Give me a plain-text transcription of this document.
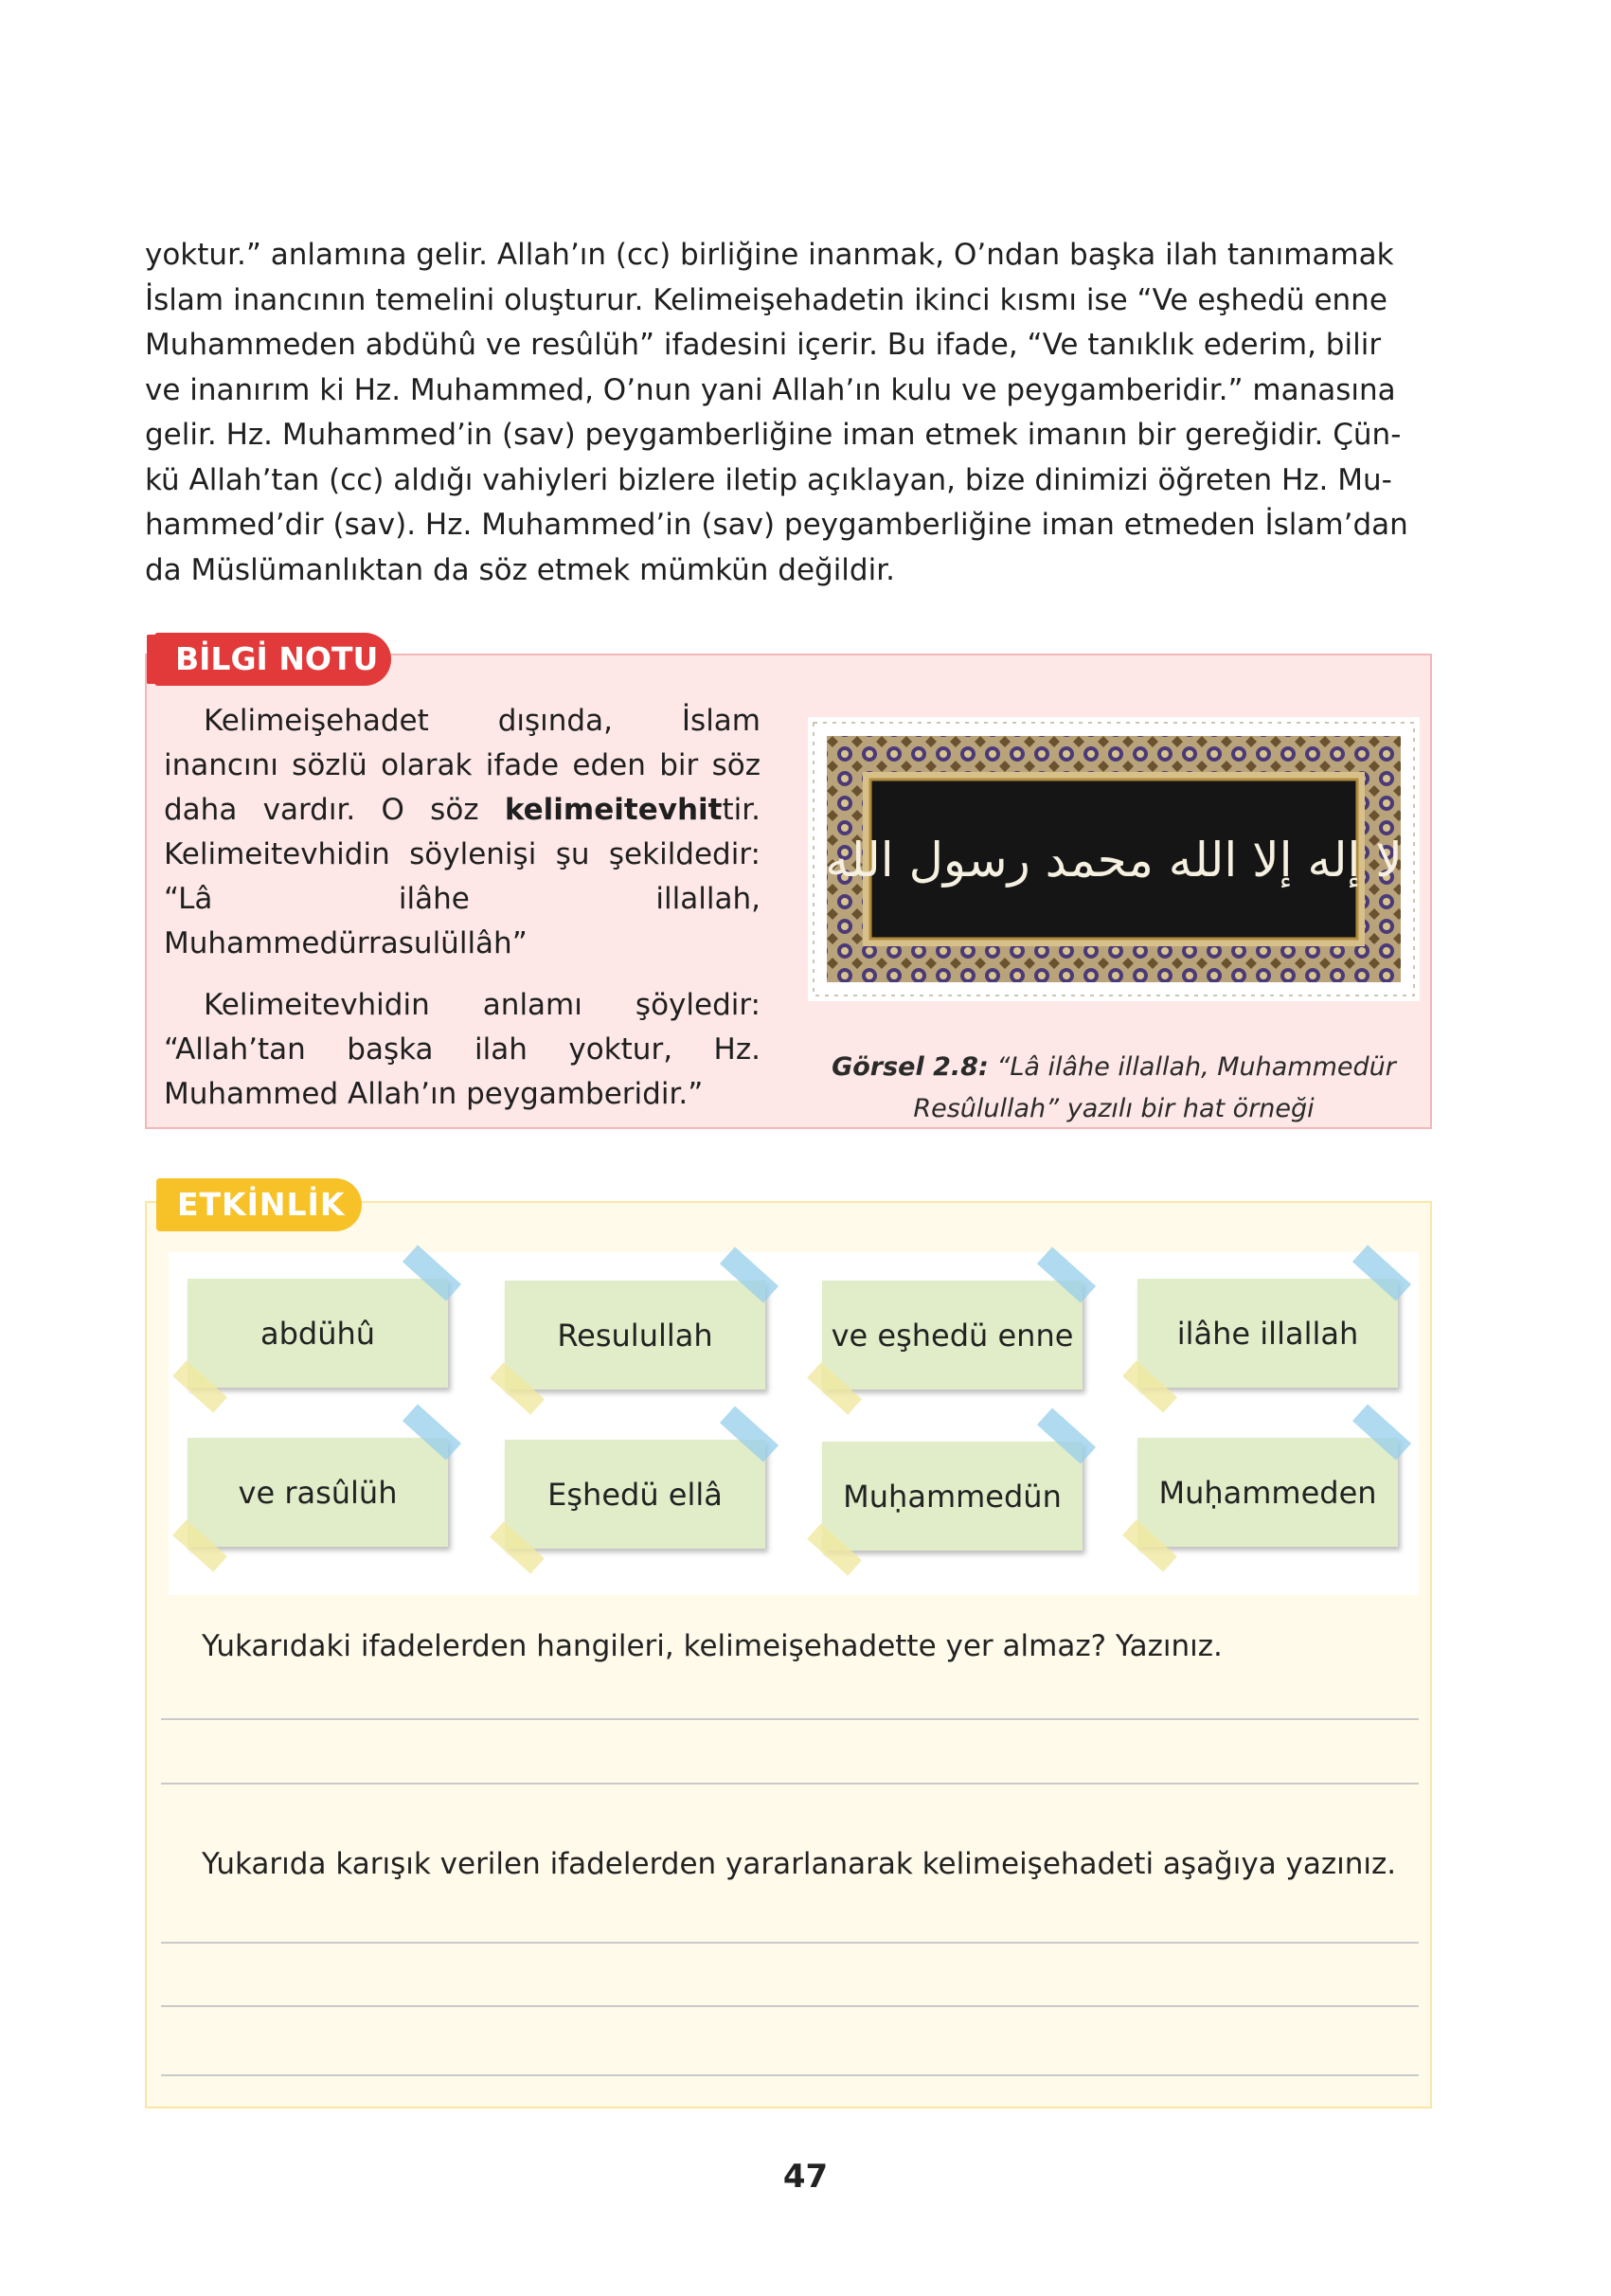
yoktur.” anlamına gelir. Allah’ın (cc) birliğine inanmak, O’ndan başka ilah tanımamak

İslam inancının temelini oluşturur. Kelimeişehadetin ikinci kısmı ise “Ve eşhedü enne

Muhammeden abdühû ve resûlüh” ifadesini içerir. Bu ifade, “Ve tanıklık ederim, bilir

ve inanırım ki Hz. Muhammed, O’nun yani Allah’ın kulu ve peygamberidir.” manasına

gelir. Hz. Muhammed’in (sav) peygamberliğine iman etmek imanın bir gereğidir. Çün-

kü Allah’tan (cc) aldığı vahiyleri bizlere iletip açıklayan, bize dinimizi öğreten Hz. Mu-

hammed’dir (sav). Hz. Muhammed’in (sav) peygamberliğine iman etmeden İslam’dan

da Müslümanlıktan da söz etmek mümkün değildir.

BİLGİ NOTU

Kelimeişehadet dışında, İslam inancını sözlü olarak ifade eden bir söz daha vardır. O söz kelimeitevhittir. Kelimeitevhidin söylenişi şu şekildedir: “Lâ ilâhe illallah, Muhammedürrasulüllâh”

Kelimeitevhidin anlamı şöyledir: “Allah’tan başka ilah yoktur, Hz. Muhammed Allah’ın peygamberidir.”

لا إله إلا الله محمد رسول الله
Görsel 2.8: “Lâ ilâhe illallah, Muhammedür Resûlullah” yazılı bir hat örneği
ETKİNLİK
abdühû	Resulullah	ve eşhedü enne	ilâhe illallah
ve rasûlüh	Eşhedü ellâ	Muḥammedün	Muḥammeden
Yukarıdaki ifadelerden hangileri, kelimeişehadette yer almaz? Yazınız.
Yukarıda karışık verilen ifadelerden yararlanarak kelimeişehadeti aşağıya yazınız.
47
